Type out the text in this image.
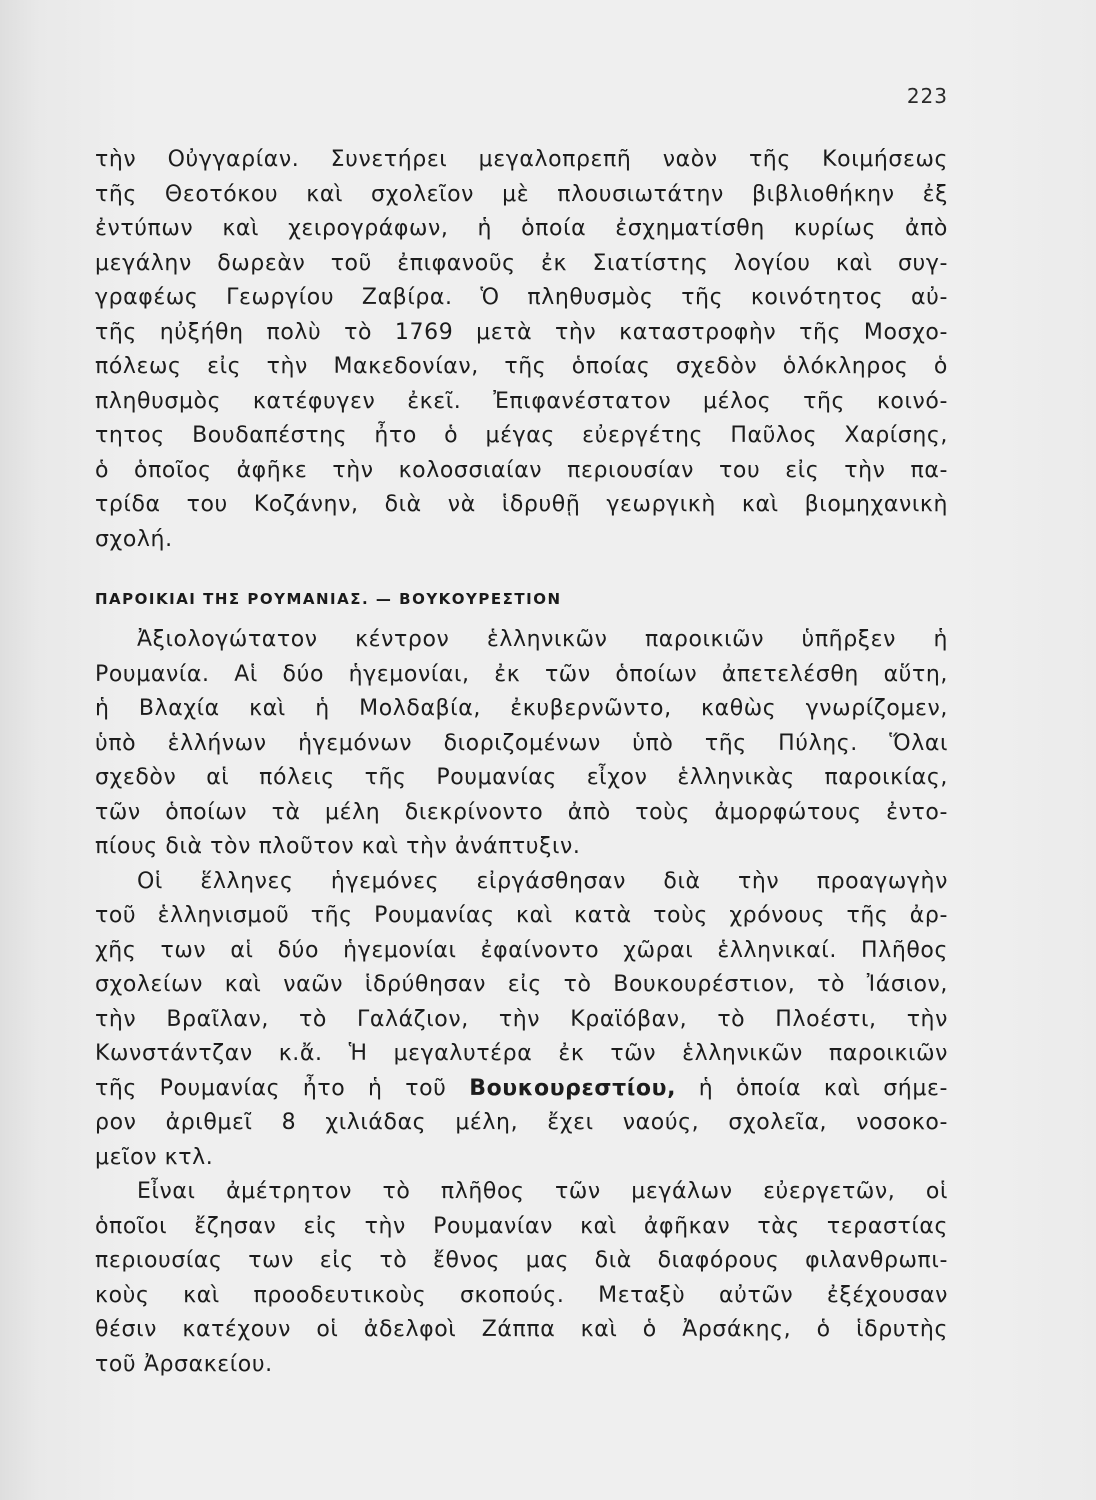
223
τὴν Οὐγγαρίαν. Συνετήρει μεγαλοπρεπῆ ναὸν τῆς Κοιμήσεως
τῆς Θεοτόκου καὶ σχολεῖον μὲ πλουσιωτάτην βιβλιοθήκην ἐξ
ἐντύπων καὶ χειρογράφων, ἡ ὁποία ἐσχηματίσθη κυρίως ἀπὸ
μεγάλην δωρεὰν τοῦ ἐπιφανοῦς ἐκ Σιατίστης λογίου καὶ συγ-
γραφέως Γεωργίου Ζαβίρα. Ὁ πληθυσμὸς τῆς κοινότητος αὐ-
τῆς ηὐξήθη πολὺ τὸ 1769 μετὰ τὴν καταστροφὴν τῆς Μοσχο-
πόλεως εἰς τὴν Μακεδονίαν, τῆς ὁποίας σχεδὸν ὁλόκληρος ὁ
πληθυσμὸς κατέφυγεν ἐκεῖ. Ἐπιφανέστατον μέλος τῆς κοινό-
τητος Βουδαπέστης ἦτο ὁ μέγας εὐεργέτης Παῦλος Χαρίσης,
ὁ ὁποῖος ἀφῆκε τὴν κολοσσιαίαν περιουσίαν του εἰς τὴν πα-
τρίδα του Κοζάνην, διὰ νὰ ἱδρυθῇ γεωργικὴ καὶ βιομηχανικὴ
σχολή.
ΠΑΡΟΙΚΙΑΙ ΤΗΣ ΡΟΥΜΑΝΙΑΣ. — ΒΟΥΚΟΥΡΕΣΤΙΟΝ
Ἀξιολογώτατον κέντρον ἑλληνικῶν παροικιῶν ὑπῆρξεν ἡ
Ρουμανία. Αἱ δύο ἡγεμονίαι, ἐκ τῶν ὁποίων ἀπετελέσθη αὕτη,
ἡ Βλαχία καὶ ἡ Μολδαβία, ἐκυβερνῶντο, καθὼς γνωρίζομεν,
ὑπὸ ἑλλήνων ἡγεμόνων διοριζομένων ὑπὸ τῆς Πύλης. Ὅλαι
σχεδὸν αἱ πόλεις τῆς Ρουμανίας εἶχον ἑλληνικὰς παροικίας,
τῶν ὁποίων τὰ μέλη διεκρίνοντο ἀπὸ τοὺς ἀμορφώτους ἐντο-
πίους διὰ τὸν πλοῦτον καὶ τὴν ἀνάπτυξιν.
Οἱ ἕλληνες ἡγεμόνες εἰργάσθησαν διὰ τὴν προαγωγὴν
τοῦ ἑλληνισμοῦ τῆς Ρουμανίας καὶ κατὰ τοὺς χρόνους τῆς ἀρ-
χῆς των αἱ δύο ἡγεμονίαι ἐφαίνοντο χῶραι ἑλληνικαί. Πλῆθος
σχολείων καὶ ναῶν ἱδρύθησαν εἰς τὸ Βουκουρέστιον, τὸ Ἰάσιον,
τὴν Βραῖλαν, τὸ Γαλάζιον, τὴν Κραϊόβαν, τὸ Πλοέστι, τὴν
Κωνστάντζαν κ.ἄ. Ἡ μεγαλυτέρα ἐκ τῶν ἑλληνικῶν παροικιῶν
τῆς Ρουμανίας ἦτο ἡ τοῦ Βουκουρεστίου, ἡ ὁποία καὶ σήμε-
ρον ἀριθμεῖ 8 χιλιάδας μέλη, ἔχει ναούς, σχολεῖα, νοσοκο-
μεῖον κτλ.
Εἶναι ἀμέτρητον τὸ πλῆθος τῶν μεγάλων εὐεργετῶν, οἱ
ὁποῖοι ἔζησαν εἰς τὴν Ρουμανίαν καὶ ἀφῆκαν τὰς τεραστίας
περιουσίας των εἰς τὸ ἔθνος μας διὰ διαφόρους φιλανθρωπι-
κοὺς καὶ προοδευτικοὺς σκοπούς. Μεταξὺ αὐτῶν ἐξέχουσαν
θέσιν κατέχουν οἱ ἀδελφοὶ Ζάππα καὶ ὁ Ἀρσάκης, ὁ ἱδρυτὴς
τοῦ Ἀρσακείου.
